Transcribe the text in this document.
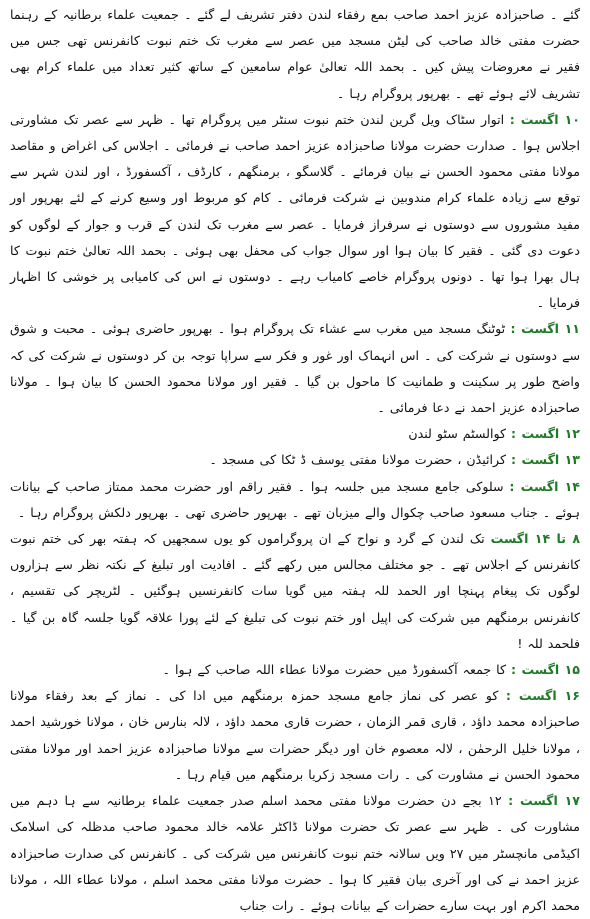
گئے ۔ صاحبزادہ عزیز احمد صاحب بمع رفقاء لندن دفتر تشریف لے گئے ۔ جمعیت علماء برطانیہ کے رہنما حضرت مفتی خالد صاحب کی لیٹن مسجد میں عصر سے مغرب تک ختم نبوت کانفرنس تھی جس میں فقیر نے معروضات پیش کیں ۔ بحمد اللہ تعالیٰ عوام سامعین کے ساتھ کثیر تعداد میں علماء کرام بھی تشریف لائے ہوئے تھے ۔ بھرپور پروگرام رہا ۔

۱۰ اگست : اتوار سٹاک ویل گرین لندن ختم نبوت سنٹر میں پروگرام تھا ۔ ظہر سے عصر تک مشاورتی اجلاس ہوا ۔ صدارت حضرت مولانا صاحبزادہ عزیز احمد صاحب نے فرمائی ۔ اجلاس کی اغراض و مقاصد مولانا مفتی محمود الحسن نے بیان فرمائے ۔ گلاسگو ، برمنگھم ، کارڈف ، آکسفورڈ ، اور لندن شہر سے توقع سے زیادہ علماء کرام مندوبین نے شرکت فرمائی ۔ کام کو مربوط اور وسیع کرنے کے لئے بھرپور اور مفید مشوروں سے دوستوں نے سرفراز فرمایا ۔ عصر سے مغرب تک لندن کے قرب و جوار کے لوگوں کو دعوت دی گئی ۔ فقیر کا بیان ہوا اور سوال جواب کی محفل بھی ہوئی ۔ بحمد اللہ تعالیٰ ختم نبوت کا ہال بھرا ہوا تھا ۔ دونوں پروگرام خاصے کامیاب رہے ۔ دوستوں نے اس کی کامیابی پر خوشی کا اظہار فرمایا ۔

۱۱ اگست : ٹوٹنگ مسجد میں مغرب سے عشاء تک پروگرام ہوا ۔ بھرپور حاضری ہوئی ۔ محبت و شوق سے دوستوں نے شرکت کی ۔ اس انہماک اور غور و فکر سے سراپا توجہ بن کر دوستوں نے شرکت کی کہ واضح طور پر سکینت و طمانیت کا ماحول بن گیا ۔ فقیر اور مولانا محمود الحسن کا بیان ہوا ۔ مولانا صاحبزادہ عزیز احمد نے دعا فرمائی ۔

۱۲ اگست : کوالسٹم سٹو لندن

۱۳ اگست : کرائیڈن ، حضرت مولانا مفتی یوسف ڈ ٹکا کی مسجد ۔

۱۴ اگست : سلوکی جامع مسجد میں جلسہ ہوا ۔ فقیر راقم اور حضرت محمد ممتاز صاحب کے بیانات ہوئے ۔ جناب مسعود صاحب چکوال والے میزبان تھے ۔ بھرپور حاضری تھی ۔ بھرپور دلکش پروگرام رہا ۔

۸ تا ۱۴ اگست تک لندن کے گرد و نواح کے ان پروگراموں کو یوں سمجھیں کہ ہفتہ بھر کی ختم نبوت کانفرنس کے اجلاس تھے ۔ جو مختلف مجالس میں رکھے گئے ۔ افادیت اور تبلیغ کے نکتہ نظر سے ہزاروں لوگوں تک پیغام پہنچا اور الحمد للہ ہفتہ میں گویا سات کانفرنسیں ہوگئیں ۔ لٹریچر کی تقسیم ، کانفرنس برمنگھم میں شرکت کی اپیل اور ختم نبوت کی تبلیغ کے لئے پورا علاقہ گویا جلسہ گاہ بن گیا ۔ فلحمد للہ !

۱۵ اگست : کا جمعہ آکسفورڈ میں حضرت مولانا عطاء اللہ صاحب کے ہوا ۔

۱۶ اگست : کو عصر کی نماز جامع مسجد حمزہ برمنگھم میں ادا کی ۔ نماز کے بعد رفقاء مولانا صاحبزادہ محمد داؤد ، قاری قمر الزمان ، حضرت قاری محمد داؤد ، لالہ بنارس خان ، مولانا خورشید احمد ، مولانا خلیل الرحمٰن ، لالہ معصوم خان اور دیگر حضرات سے مولانا صاحبزادہ عزیز احمد اور مولانا مفتی محمود الحسن نے مشاورت کی ۔ رات مسجد زکریا برمنگھم میں قیام رہا ۔

۱۷ اگست : ۱۲ بجے دن حضرت مولانا مفتی محمد اسلم صدر جمعیت علماء برطانیہ سے ہا دہم میں مشاورت کی ۔ ظہر سے عصر تک حضرت مولانا ڈاکٹر علامہ خالد محمود صاحب مدظلہ کی اسلامک اکیڈمی مانچسٹر میں ۲۷ ویں سالانہ ختم نبوت کانفرنس میں شرکت کی ۔ کانفرنس کی صدارت صاحبزادہ عزیز احمد نے کی اور آخری بیان فقیر کا ہوا ۔ حضرت مولانا مفتی محمد اسلم ، مولانا عطاء اللہ ، مولانا محمد اکرم اور بہت سارے حضرات کے بیانات ہوئے ۔ رات جناب
